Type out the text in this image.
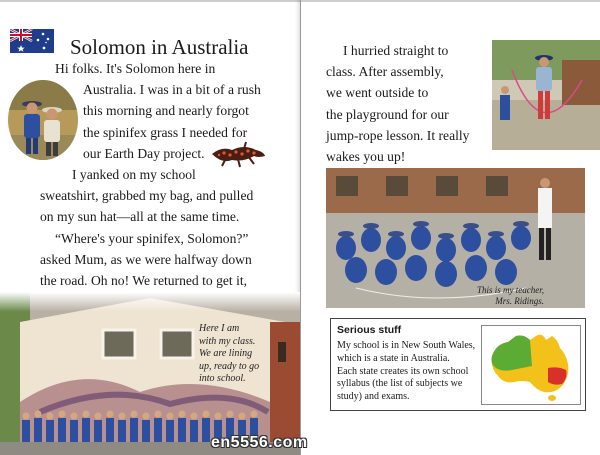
Solomon in Australia
Hi folks. It's Solomon here in
Australia. I was in a bit of a rush
this morning and nearly forgot
the spinifex grass I needed for
our Earth Day project.
I yanked on my school
sweatshirt, grabbed my bag, and pulled
on my sun hat—all at the same time.
“Where's your spinifex, Solomon?”
asked Mum, as we were halfway down
the road. Oh no! We returned to get it,
Here I am
with my class.
We are lining
up, ready to go
into school.
I hurried straight to
class. After assembly,
we went outside to
the playground for our
jump-rope lesson. It really
wakes you up!
This is my teacher,
Mrs. Ridings.
Serious stuff
My school is in New South Wales,
which is a state in Australia.
Each state creates its own school
syllabus (the list of subjects we
study) and exams.
en5556.com
